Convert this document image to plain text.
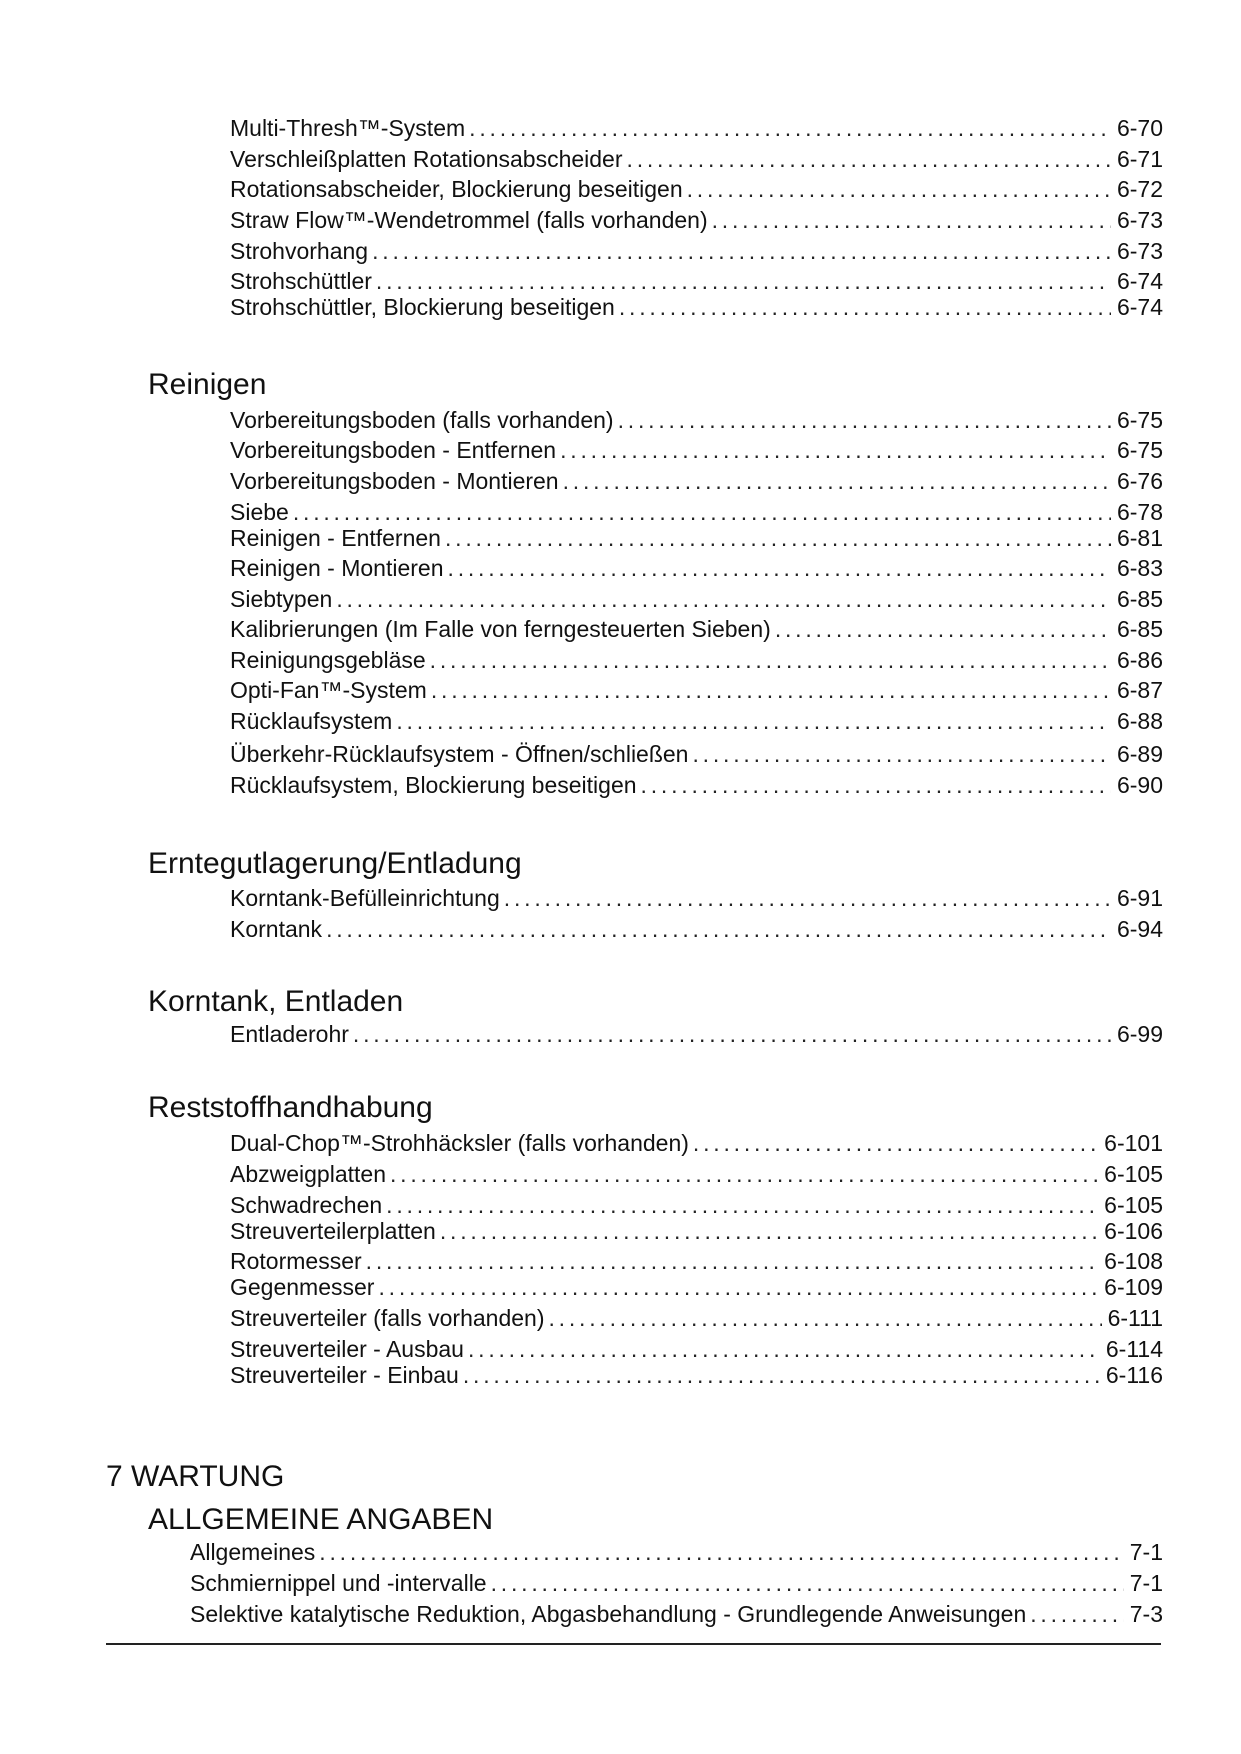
Multi-Thresh™-System . . .	6-70
Verschleißplatten Rotationsabscheider . . .	6-71
Rotationsabscheider, Blockierung beseitigen . . .	6-72
Straw Flow™-Wendetrommel (falls vorhanden) . . .	6-73
Strohvorhang . . .	6-73
Strohschüttler . . .	6-74
Strohschüttler, Blockierung beseitigen . . .	6-74
Reinigen
Vorbereitungsboden (falls vorhanden) . . .	6-75
Vorbereitungsboden - Entfernen . . .	6-75
Vorbereitungsboden - Montieren . . .	6-76
Siebe . . .	6-78
Reinigen - Entfernen . . .	6-81
Reinigen - Montieren . . .	6-83
Siebtypen . . .	6-85
Kalibrierungen (Im Falle von ferngesteuerten Sieben) . . .	6-85
Reinigungsgebläse . . .	6-86
Opti-Fan™-System . . .	6-87
Rücklaufsystem . . .	6-88
Überkehr-Rücklaufsystem - Öffnen/schließen . . .	6-89
Rücklaufsystem, Blockierung beseitigen . . .	6-90
Erntegutlagerung/Entladung
Korntank-Befülleinrichtung . . .	6-91
Korntank . . .	6-94
Korntank, Entladen
Entladerohr . . .	6-99
Reststoffhandhabung
Dual-Chop™-Strohhäcksler (falls vorhanden) . . .	6-101
Abzweigplatten . . .	6-105
Schwadrechen . . .	6-105
Streuverteilerplatten . . .	6-106
Rotormesser . . .	6-108
Gegenmesser . . .	6-109
Streuverteiler (falls vorhanden) . . .	6-111
Streuverteiler - Ausbau . . .	6-114
Streuverteiler - Einbau . . .	6-116
7 WARTUNG
ALLGEMEINE ANGABEN
Allgemeines . . .	7-1
Schmiernippel und -intervalle . . .	7-1
Selektive katalytische Reduktion, Abgasbehandlung - Grundlegende Anweisungen . . .	7-3
